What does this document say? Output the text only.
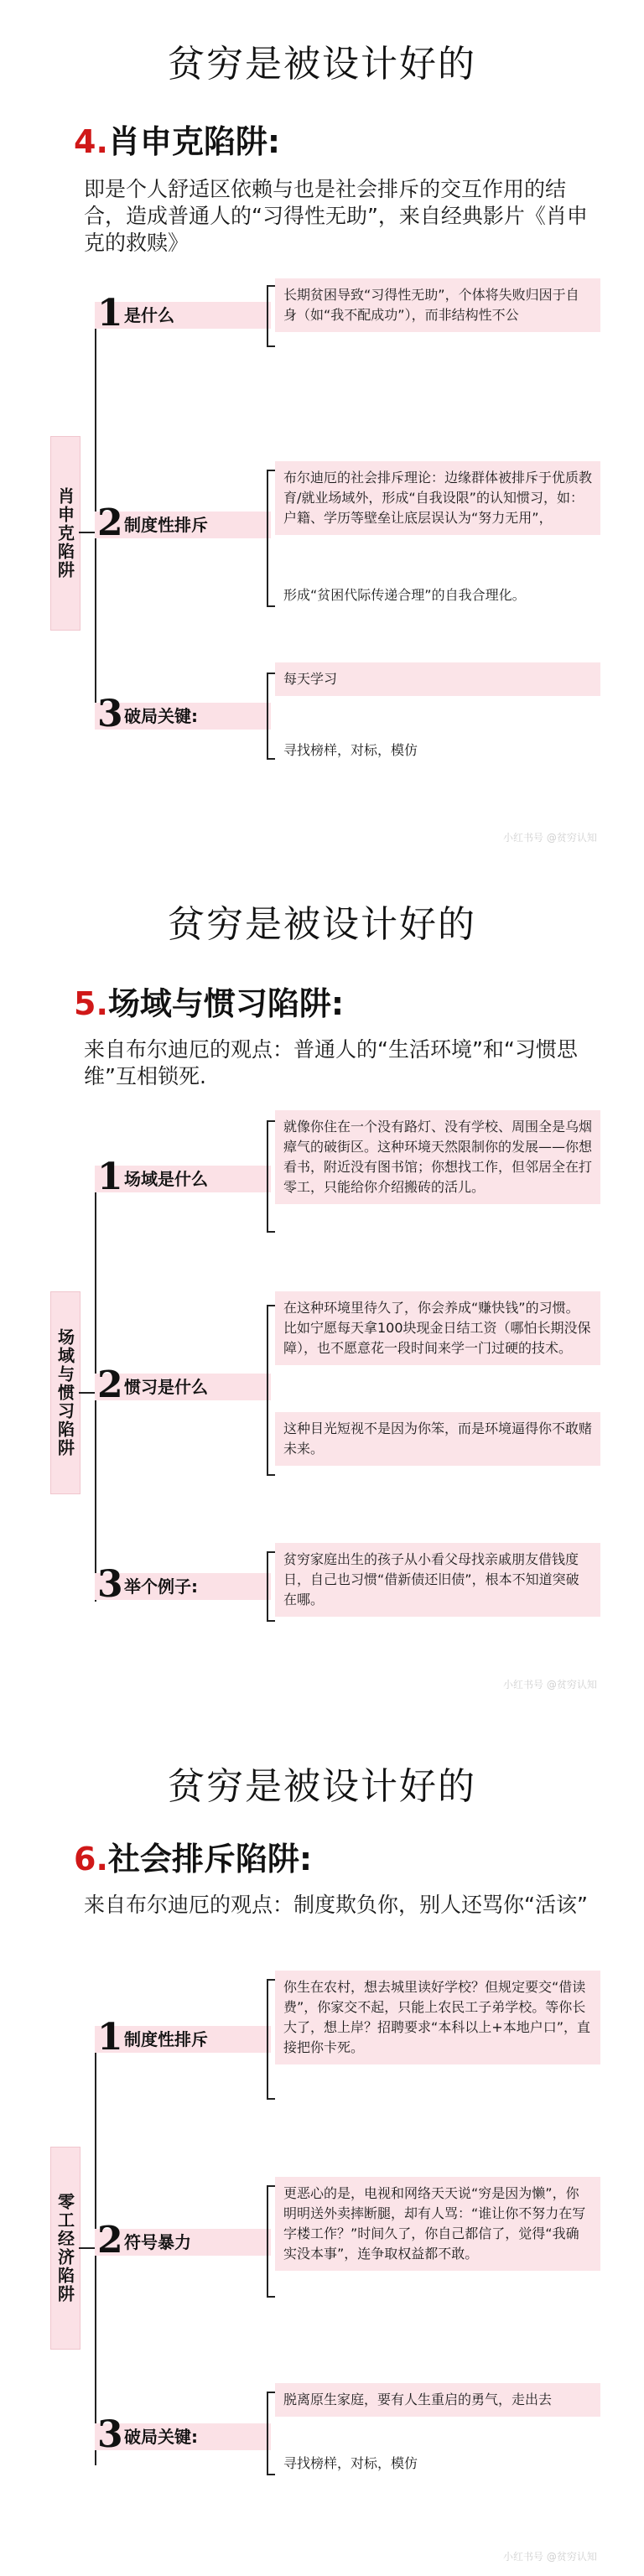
贫穷是被设计好的
4.肖申克陷阱:
即是个人舒适区依赖与也是社会排斥的交互作用的结合，造成普通人的“习得性无助”，来自经典影片《肖申克的救赎》
肖申克陷阱
1 是什么
长期贫困导致“习得性无助”，个体将失败归因于自身（如“我不配成功”），而非结构性不公
2 制度性排斥
布尔迪厄的社会排斥理论：边缘群体被排斥于优质教育/就业场域外，形成“自我设限”的认知惯习，如：户籍、学历等壁垒让底层误认为“努力无用”，
形成“贫困代际传递合理”的自我合理化。
3 破局关键:
每天学习
寻找榜样，对标，模仿
小红书号 @贫穷认知
贫穷是被设计好的
5.场域与惯习陷阱:
来自布尔迪厄的观点：普通人的“生活环境”和“习惯思维”互相锁死.
场域与惯习陷阱
1 场域是什么
就像你住在一个没有路灯、没有学校、周围全是乌烟瘴气的破街区。这种环境天然限制你的发展——你想看书，附近没有图书馆；你想找工作，但邻居全在打零工，只能给你介绍搬砖的活儿。
2 惯习是什么
在这种环境里待久了，你会养成“赚快钱”的习惯。比如宁愿每天拿100块现金日结工资（哪怕长期没保障），也不愿意花一段时间来学一门过硬的技术。
这种目光短视不是因为你笨，而是环境逼得你不敢赌未来。
3 举个例子:
贫穷家庭出生的孩子从小看父母找亲戚朋友借钱度日，自己也习惯“借新债还旧债”，根本不知道突破在哪。
小红书号 @贫穷认知
贫穷是被设计好的
6.社会排斥陷阱:
来自布尔迪厄的观点：制度欺负你，别人还骂你“活该”
零工经济陷阱
1 制度性排斥
你生在农村，想去城里读好学校？但规定要交“借读费”，你家交不起，只能上农民工子弟学校。等你长大了，想上岸？招聘要求“本科以上+本地户口”，直接把你卡死。
2 符号暴力
更恶心的是，电视和网络天天说“穷是因为懒”，你明明送外卖摔断腿，却有人骂：“谁让你不努力在写字楼工作？”时间久了，你自己都信了，觉得“我确实没本事”，连争取权益都不敢。
3 破局关键:
脱离原生家庭，要有人生重启的勇气，走出去
寻找榜样，对标，模仿
小红书号 @贫穷认知
